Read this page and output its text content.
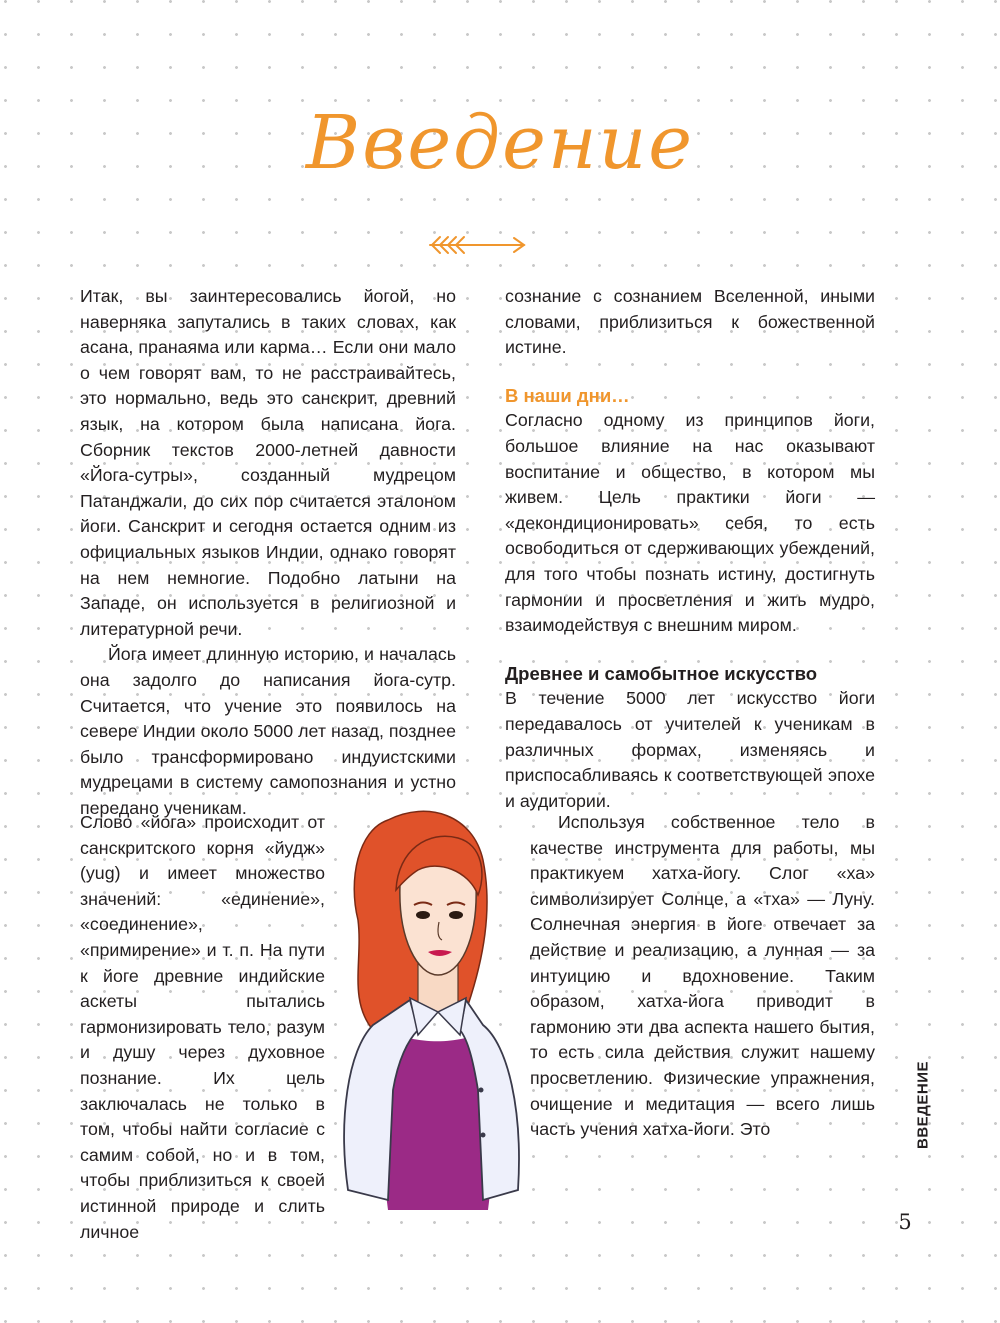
Введение

Итак, вы заинтересовались йогой, но наверняка запутались в таких словах, как асана, пранаяма или карма… Если они мало о чем говорят вам, то не расстраивайтесь, это нормально, ведь это санскрит, древний язык, на котором была написана йога. Сборник текстов 2000-летней давности «Йога-сутры», созданный мудрецом Патанджали, до сих пор считается эталоном йоги. Санскрит и сегодня остается одним из официальных языков Индии, однако говорят на нем немногие. Подобно латыни на Западе, он используется в религиозной и литературной речи.

Йога имеет длинную историю, и началась она задолго до написания йога-сутр. Считается, что учение это появилось на севере Индии около 5000 лет назад, позднее было трансформировано индуистскими мудрецами в систему самопознания и устно передано ученикам.

Слово «йога» происходит от санскритского корня «йудж» (yug) и имеет множество значений: «единение», «соединение», «примирение» и т. п. На пути к йоге древние индийские аскеты пытались гармонизировать тело, разум и душу через духовное познание. Их цель заключалась не только в том, чтобы найти согласие с самим собой, но и в том, чтобы приблизиться к своей истинной природе и слить личное

сознание с сознанием Вселенной, иными словами, приблизиться к божественной истине.

В наши дни…

Согласно одному из принципов йоги, большое влияние на нас оказывают воспитание и общество, в котором мы живем. Цель практики йоги — «декондиционировать» себя, то есть освободиться от сдерживающих убеждений, для того чтобы познать истину, достигнуть гармонии и просветления и жить мудро, взаимодействуя с внешним миром.

Древнее и самобытное искусство

В течение 5000 лет искусство йоги передавалось от учителей к ученикам в различных формах, изменяясь и приспосабливаясь к соответствующей эпохе и аудитории.

Используя собственное тело в качестве инструмента для работы, мы практикуем хатха-йогу. Слог «ха» символизирует Солнце, а «тха» — Луну. Солнечная энергия в йоге отвечает за действие и реализацию, а лунная — за интуицию и вдохновение. Таким образом, хатха-йога приводит в гармонию эти два аспекта нашего бытия, то есть сила действия служит нашему просветлению. Физические упражнения, очищение и медитация — всего лишь часть учения хатха-йоги. Это	ВВЕДЕНИЕ
5
